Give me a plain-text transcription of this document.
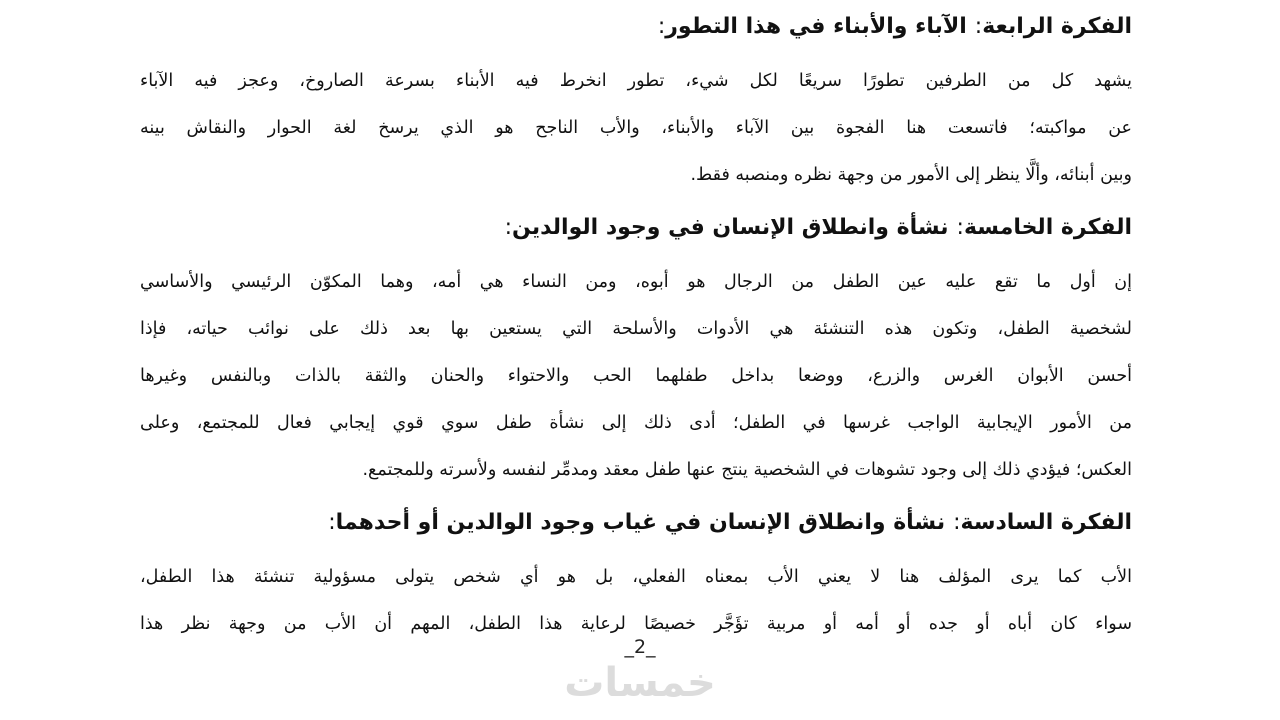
الفكرة الرابعة
:
الآباء والأبناء في هذا التطور
:

يشهد كل من الطرفين تطورًا سريعًا لكل شيء، تطور انخرط فيه الأبناء بسرعة الصاروخ، وعجز فيه الآباء
عن مواكبته؛ فاتسعت هنا الفجوة بين الآباء والأبناء، والأب الناجح هو الذي يرسخ لغة الحوار والنقاش بينه
وبين أبنائه، وألَّا ينظر إلى الأمور من وجهة نظره ومنصبه فقط.

الفكرة الخامسة
:
نشأة وانطلاق الإنسان في وجود الوالدين
:

إن أول ما تقع عليه عين الطفل من الرجال هو أبوه، ومن النساء هي أمه، وهما المكوّن الرئيسي والأساسي
لشخصية الطفل، وتكون هذه التنشئة هي الأدوات والأسلحة التي يستعين بها بعد ذلك على نوائب حياته، فإذا
أحسن الأبوان الغرس والزرع، ووضعا بداخل طفلهما الحب والاحتواء والحنان والثقة بالذات وبالنفس وغيرها
من الأمور الإيجابية الواجب غرسها في الطفل؛ أدى ذلك إلى نشأة طفل سوي قوي إيجابي فعال للمجتمع، وعلى
العكس؛ فيؤدي ذلك إلى وجود تشوهات في الشخصية ينتج عنها طفل معقد ومدمِّر لنفسه ولأسرته وللمجتمع.

الفكرة السادسة
:
نشأة وانطلاق الإنسان في غياب وجود الوالدين أو أحدهما
:

الأب كما يرى المؤلف هنا لا يعني الأب بمعناه الفعلي، بل هو أي شخص يتولى مسؤولية تنشئة هذا الطفل،
سواء كان أباه أو جده أو أمه أو مربية تؤَجَّر خصيصًا لرعاية هذا الطفل، المهم أن الأب من وجهة نظر هذا

_2_
خمسات
